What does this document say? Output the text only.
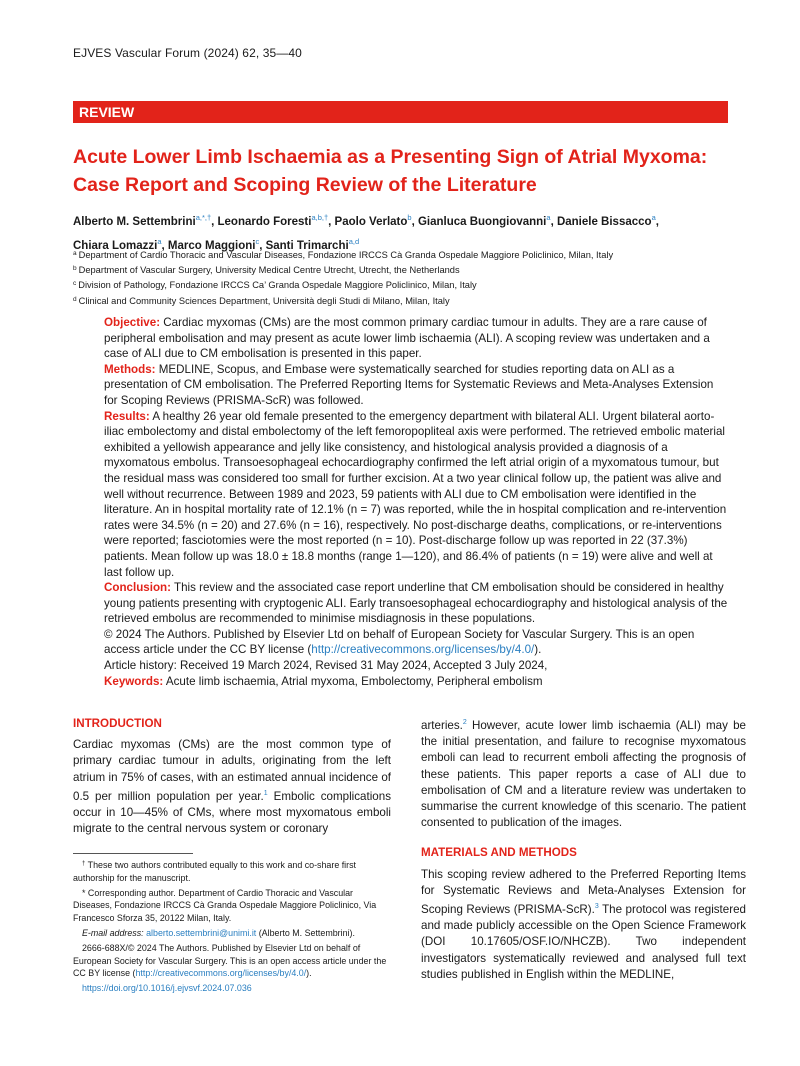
EJVES Vascular Forum (2024) 62, 35—40
REVIEW
Acute Lower Limb Ischaemia as a Presenting Sign of Atrial Myxoma: Case Report and Scoping Review of the Literature
Alberto M. Settembrini$^{a,*,\dagger}$, Leonardo Foresti$^{a,b,\dagger}$, Paolo Verlato$^b$, Gianluca Buongiovanni$^a$, Daniele Bissacco$^a$,
Chiara Lomazzi$^a$, Marco Maggioni$^c$, Santi Trimarchi$^{a,d}$
$^a$ Department of Cardio Thoracic and Vascular Diseases, Fondazione IRCCS Cà Granda Ospedale Maggiore Policlinico, Milan, Italy
$^b$ Department of Vascular Surgery, University Medical Centre Utrecht, Utrecht, the Netherlands
$^c$ Division of Pathology, Fondazione IRCCS Ca’ Granda Ospedale Maggiore Policlinico, Milan, Italy
$^d$ Clinical and Community Sciences Department, Università degli Studi di Milano, Milan, Italy

Objective: Cardiac myxomas (CMs) are the most common primary cardiac tumour in adults. They are a rare cause of peripheral embolisation and may present as acute lower limb ischaemia (ALI). A scoping review was undertaken and a case of ALI due to CM embolisation is presented in this paper.

Methods: MEDLINE, Scopus, and Embase were systematically searched for studies reporting data on ALI as a presentation of CM embolisation. The Preferred Reporting Items for Systematic Reviews and Meta-Analyses Extension for Scoping Reviews (PRISMA-ScR) was followed.

Results: A healthy 26 year old female presented to the emergency department with bilateral ALI. Urgent bilateral aorto-iliac embolectomy and distal embolectomy of the left femoropopliteal axis were performed. The retrieved embolic material exhibited a yellowish appearance and jelly like consistency, and histological analysis provided a diagnosis of a myxomatous embolus. Transoesophageal echocardiography confirmed the left atrial origin of a myxomatous tumour, but the residual mass was considered too small for further excision. At a two year clinical follow up, the patient was alive and well without recurrence. Between 1989 and 2023, 59 patients with ALI due to CM embolisation were identified in the literature. An in hospital mortality rate of 12.1% (n = 7) was reported, while the in hospital complication and re-intervention rates were 34.5% (n = 20) and 27.6% (n = 16), respectively. No post-discharge deaths, complications, or re-interventions were reported; fasciotomies were the most reported (n = 10). Post-discharge follow up was reported in 22 (37.3%) patients. Mean follow up was 18.0 ± 18.8 months (range 1—120), and 86.4% of patients (n = 19) were alive and well at last follow up.

Conclusion: This review and the associated case report underline that CM embolisation should be considered in healthy young patients presenting with cryptogenic ALI. Early transoesophageal echocardiography and histological analysis of the retrieved embolus are recommended to minimise misdiagnosis in these populations.

© 2024 The Authors. Published by Elsevier Ltd on behalf of European Society for Vascular Surgery. This is an open access article under the CC BY license (http://creativecommons.org/licenses/by/4.0/).

Article history: Received 19 March 2024, Revised 31 May 2024, Accepted 3 July 2024,

Keywords: Acute limb ischaemia, Atrial myxoma, Embolectomy, Peripheral embolism

INTRODUCTION
Cardiac myxomas (CMs) are the most common type of primary cardiac tumour in adults, originating from the left atrium in 75% of cases, with an estimated annual incidence of 0.5 per million population per year.$^1$ Embolic complications occur in 10—45% of CMs, where most myxomatous emboli migrate to the central nervous system or coronary

† These two authors contributed equally to this work and co-share first authorship for the manuscript.

* Corresponding author. Department of Cardio Thoracic and Vascular Diseases, Fondazione IRCCS Cà Granda Ospedale Maggiore Policlinico, Via Francesco Sforza 35, 20122 Milan, Italy.

E-mail address: alberto.settembrini@unimi.it (Alberto M. Settembrini).

2666-688X/© 2024 The Authors. Published by Elsevier Ltd on behalf of European Society for Vascular Surgery. This is an open access article under the CC BY license (http://creativecommons.org/licenses/by/4.0/).

https://doi.org/10.1016/j.ejvsvf.2024.07.036

arteries.$^2$ However, acute lower limb ischaemia (ALI) may be the initial presentation, and failure to recognise myxomatous emboli can lead to recurrent emboli affecting the prognosis of these patients. This paper reports a case of ALI due to embolisation of CM and a literature review was undertaken to summarise the current knowledge of this scenario. The patient consented to publication of the images.
MATERIALS AND METHODS
This scoping review adhered to the Preferred Reporting Items for Systematic Reviews and Meta-Analyses Extension for Scoping Reviews (PRISMA-ScR).$^3$ The protocol was registered and made publicly accessible on the Open Science Framework (DOI 10.17605/OSF.IO/NHCZB). Two independent investigators systematically reviewed and analysed full text studies published in English within the MEDLINE,
